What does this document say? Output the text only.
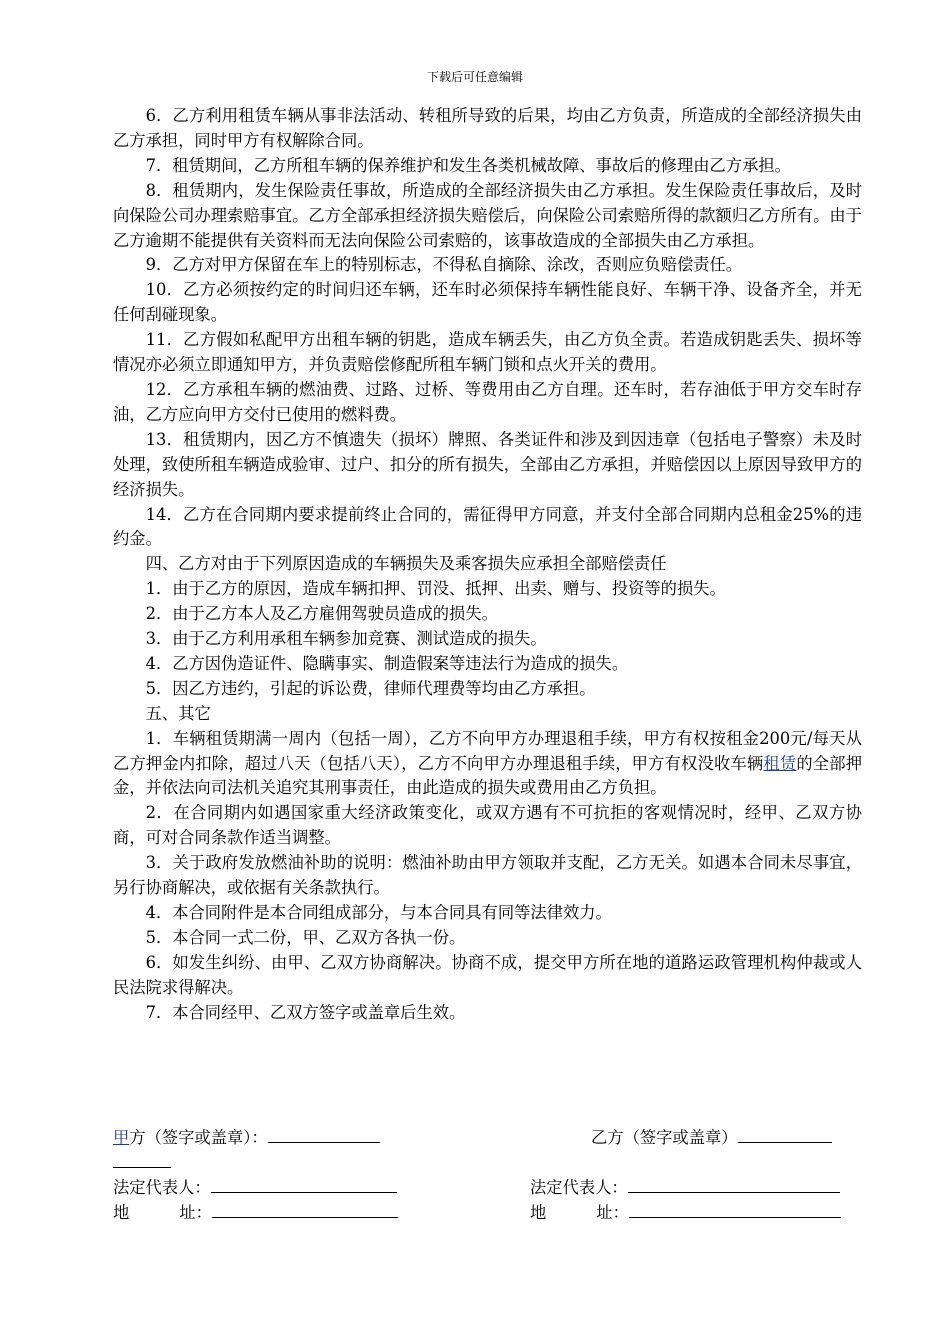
下载后可任意编辑

6．乙方利用租赁车辆从事非法活动、转租所导致的后果，均由乙方负责，所造成的全部经济损失由乙方承担，同时甲方有权解除合同。

7．租赁期间，乙方所租车辆的保养维护和发生各类机械故障、事故后的修理由乙方承担。

8．租赁期内，发生保险责任事故，所造成的全部经济损失由乙方承担。发生保险责任事故后，及时向保险公司办理索赔事宜。乙方全部承担经济损失赔偿后，向保险公司索赔所得的款额归乙方所有。由于乙方逾期不能提供有关资料而无法向保险公司索赔的，该事故造成的全部损失由乙方承担。

9．乙方对甲方保留在车上的特别标志，不得私自摘除、涂改，否则应负赔偿责任。

10．乙方必须按约定的时间归还车辆，还车时必须保持车辆性能良好、车辆干净、设备齐全，并无任何刮碰现象。

11．乙方假如私配甲方出租车辆的钥匙，造成车辆丢失，由乙方负全责。若造成钥匙丢失、损坏等情况亦必须立即通知甲方，并负责赔偿修配所租车辆门锁和点火开关的费用。

12．乙方承租车辆的燃油费、过路、过桥、等费用由乙方自理。还车时，若存油低于甲方交车时存油，乙方应向甲方交付已使用的燃料费。

13．租赁期内，因乙方不慎遗失（损坏）牌照、各类证件和涉及到因违章（包括电子警察）未及时处理，致使所租车辆造成验审、过户、扣分的所有损失，全部由乙方承担，并赔偿因以上原因导致甲方的经济损失。

14．乙方在合同期内要求提前终止合同的，需征得甲方同意，并支付全部合同期内总租金25%的违约金。

四、乙方对由于下列原因造成的车辆损失及乘客损失应承担全部赔偿责任

1．由于乙方的原因，造成车辆扣押、罚没、抵押、出卖、赠与、投资等的损失。

2．由于乙方本人及乙方雇佣驾驶员造成的损失。

3．由于乙方利用承租车辆参加竞赛、测试造成的损失。

4．乙方因伪造证件、隐瞒事实、制造假案等违法行为造成的损失。

5．因乙方违约，引起的诉讼费，律师代理费等均由乙方承担。

五、其它

1．车辆租赁期满一周内（包括一周），乙方不向甲方办理退租手续，甲方有权按租金200元/每天从乙方押金内扣除，超过八天（包括八天），乙方不向甲方办理退租手续，甲方有权没收车辆租赁的全部押金，并依法向司法机关追究其刑事责任，由此造成的损失或费用由乙方负担。

2．在合同期内如遇国家重大经济政策变化，或双方遇有不可抗拒的客观情况时，经甲、乙双方协商，可对合同条款作适当调整。

3．关于政府发放燃油补助的说明：燃油补助由甲方领取并支配，乙方无关。如遇本合同未尽事宜，另行协商解决，或依据有关条款执行。

4．本合同附件是本合同组成部分，与本合同具有同等法律效力。

5．本合同一式二份，甲、乙双方各执一份。

6．如发生纠纷、由甲、乙双方协商解决。协商不成，提交甲方所在地的道路运政管理机构仲裁或人民法院求得解决。

7．本合同经甲、乙双方签字或盖章后生效。

甲方（签字或盖章）：	乙方（签字或盖章）
法定代表人：	法定代表人：
地	址：	地	址：
